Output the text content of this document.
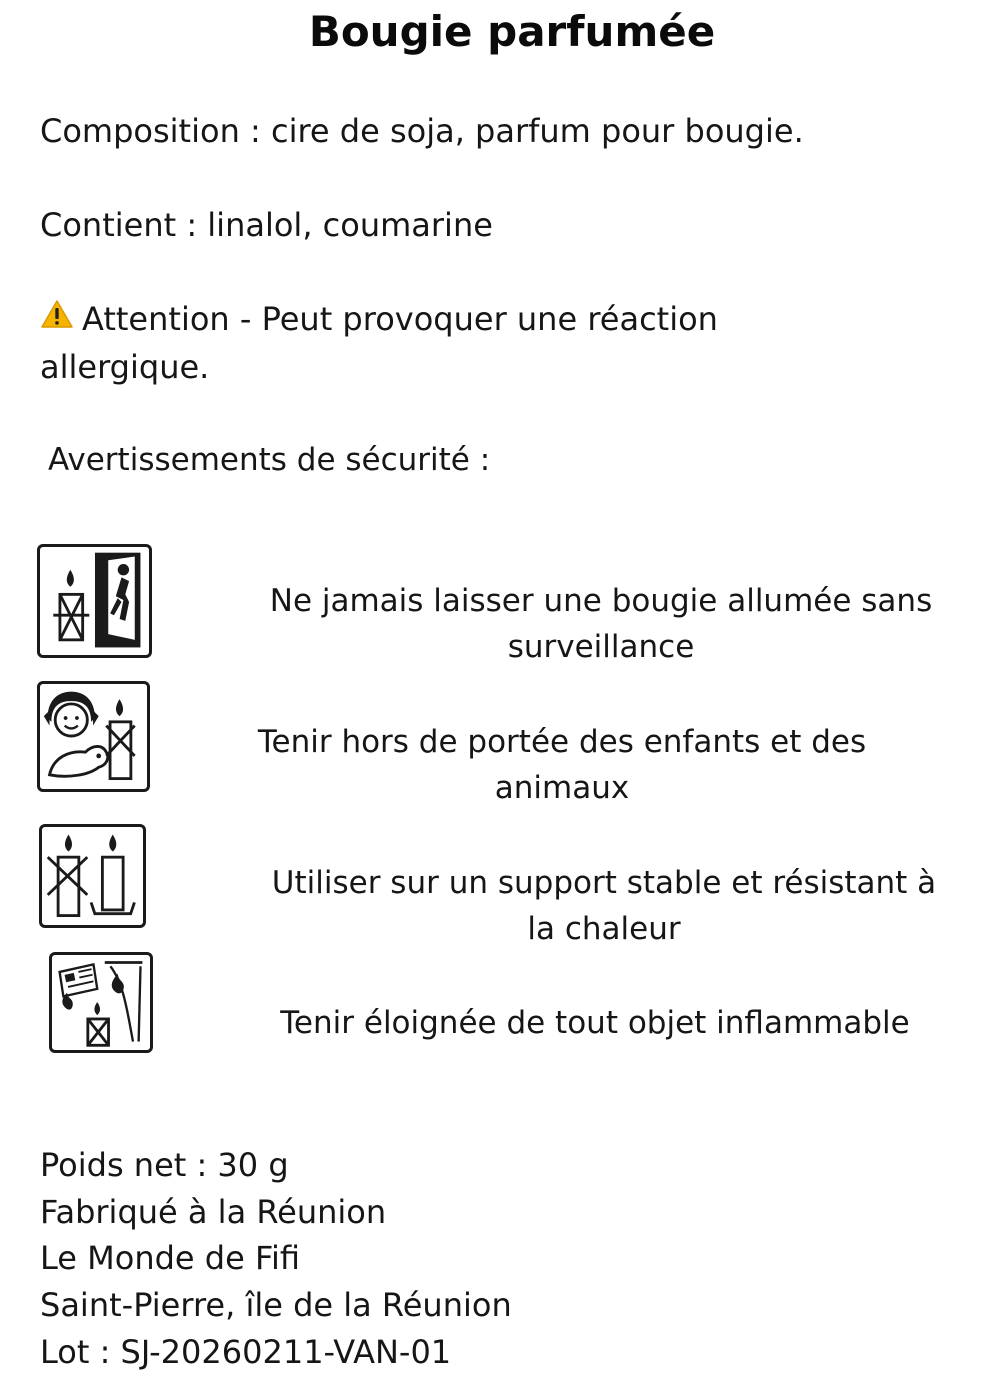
Bougie parfumée
Composition : cire de soja, parfum pour bougie.
Contient : linalol, coumarine
Attention - Peut provoquer une réaction
allergique.
Avertissements de sécurité :
Ne jamais laisser une bougie allumée sans
surveillance
Tenir hors de portée des enfants et des
animaux
Utiliser sur un support stable et résistant à
la chaleur
Tenir éloignée de tout objet inflammable
Poids net : 30 g
Fabriqué à la Réunion
Le Monde de Fifi
Saint-Pierre, île de la Réunion
Lot : SJ-20260211-VAN-01
